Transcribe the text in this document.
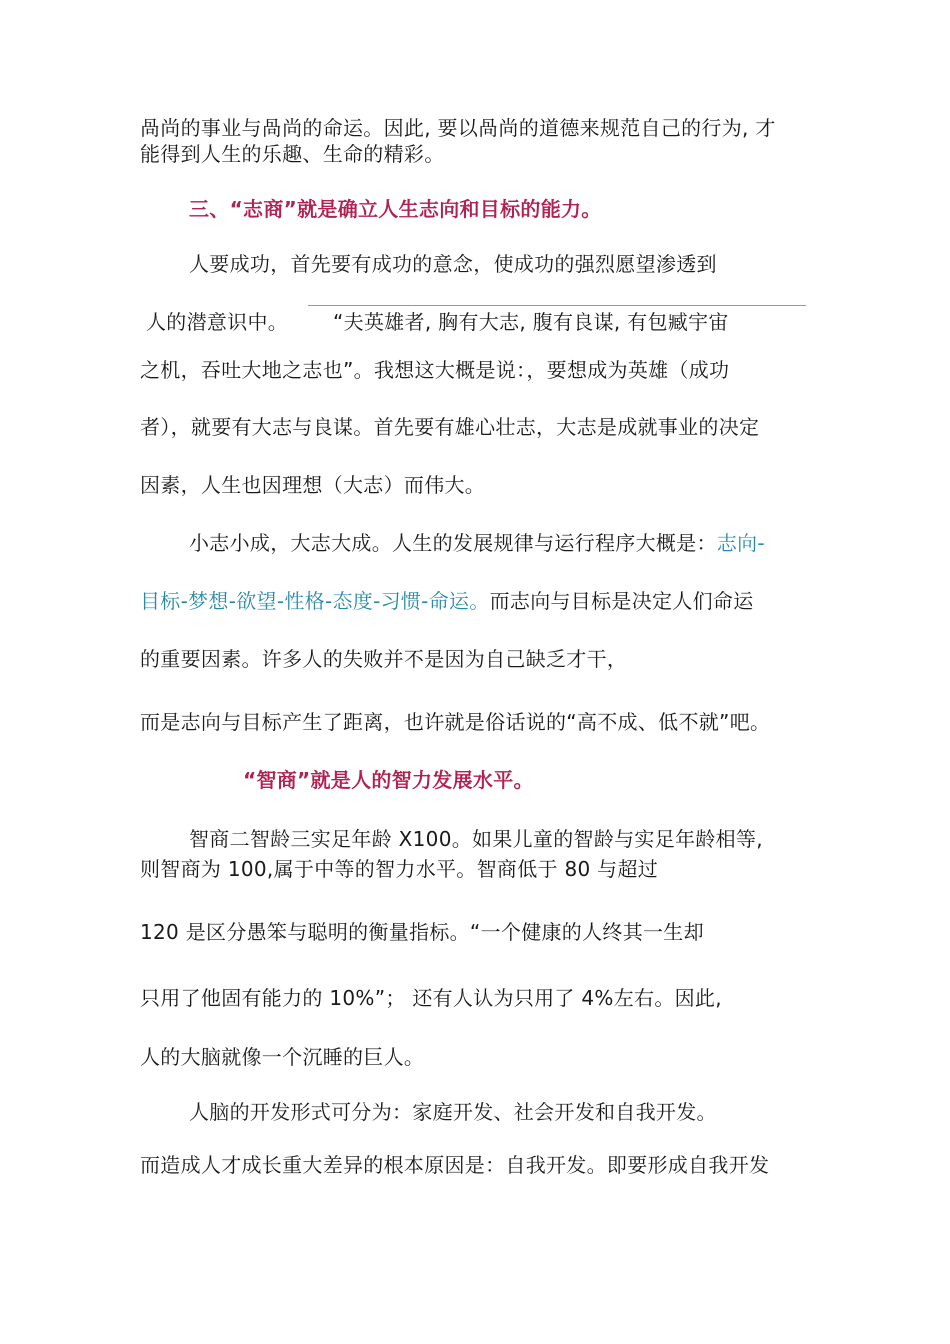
咼尚的事业与咼尚的命运。因此, 要以咼尚的道德来规范自己的行为, 才

能得到人生的乐趣、生命的精彩。

三、“志商”就是确立人生志向和目标的能力。

人要成功，首先要有成功的意念，使成功的强烈愿望渗透到

人的潜意识中。 “夫英雄者, 胸有大志, 腹有良谋, 有包臧宇宙

之机，吞吐大地之志也”。我想这大概是说：，要想成为英雄（成功

者），就要有大志与良谋。首先要有雄心壮志，大志是成就事业的决定

因素，人生也因理想（大志）而伟大。

小志小成，大志大成。人生的发展规律与运行程序大概是：志向-

目标-梦想-欲望-性格-态度-习惯-命运。而志向与目标是决定人们命运

的重要因素。许多人的失败并不是因为自己缺乏才干，

而是志向与目标产生了距离，也许就是俗话说的“高不成、低不就”吧。

“智商”就是人的智力发展水平。

智商二智龄三实足年龄 X100。如果儿童的智龄与实足年龄相等,

则智商为 100,属于中等的智力水平。智商低于 80 与超过

120 是区分愚笨与聪明的衡量指标。“一个健康的人终其一生却

只用了他固有能力的 10%”； 还有人认为只用了 4%左右。因此,

人的大脑就像一个沉睡的巨人。

人脑的开发形式可分为：家庭开发、社会开发和自我开发。

而造成人才成长重大差异的根本原因是：自我开发。即要形成自我开发
